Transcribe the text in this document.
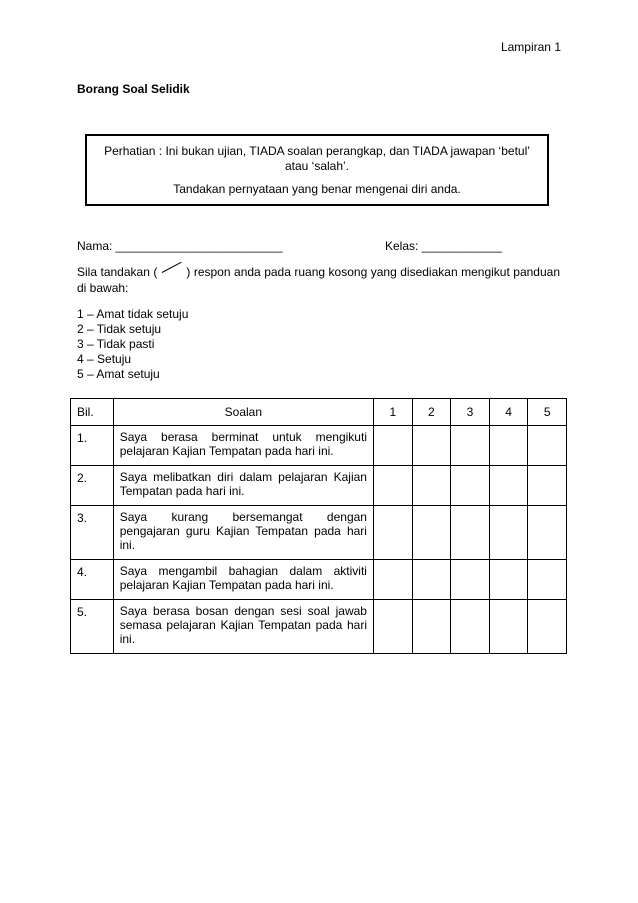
Lampiran 1
Borang Soal Selidik
Perhatian : Ini bukan ujian, TIADA soalan perangkap, dan TIADA jawapan ‘betul’ atau ‘salah’.
Tandakan pernyataan yang benar mengenai diri anda.
Nama: _________________________	Kelas: ____________
Sila tandakan ( ) respon anda pada ruang kosong yang disediakan mengikut panduan di bawah:
1 – Amat tidak setuju
2 – Tidak setuju
3 – Tidak pasti
4 – Setuju
5 – Amat setuju
Bil.	Soalan	1	2	3	4	5
1.	Saya berasa berminat untuk mengikuti pelajaran Kajian Tempatan pada hari ini.					
2.	Saya melibatkan diri dalam pelajaran Kajian Tempatan pada hari ini.					
3.	Saya kurang bersemangat dengan pengajaran guru Kajian Tempatan pada hari ini.					
4.	Saya mengambil bahagian dalam aktiviti pelajaran Kajian Tempatan pada hari ini.					
5.	Saya berasa bosan dengan sesi soal jawab semasa pelajaran Kajian Tempatan pada hari ini.					
